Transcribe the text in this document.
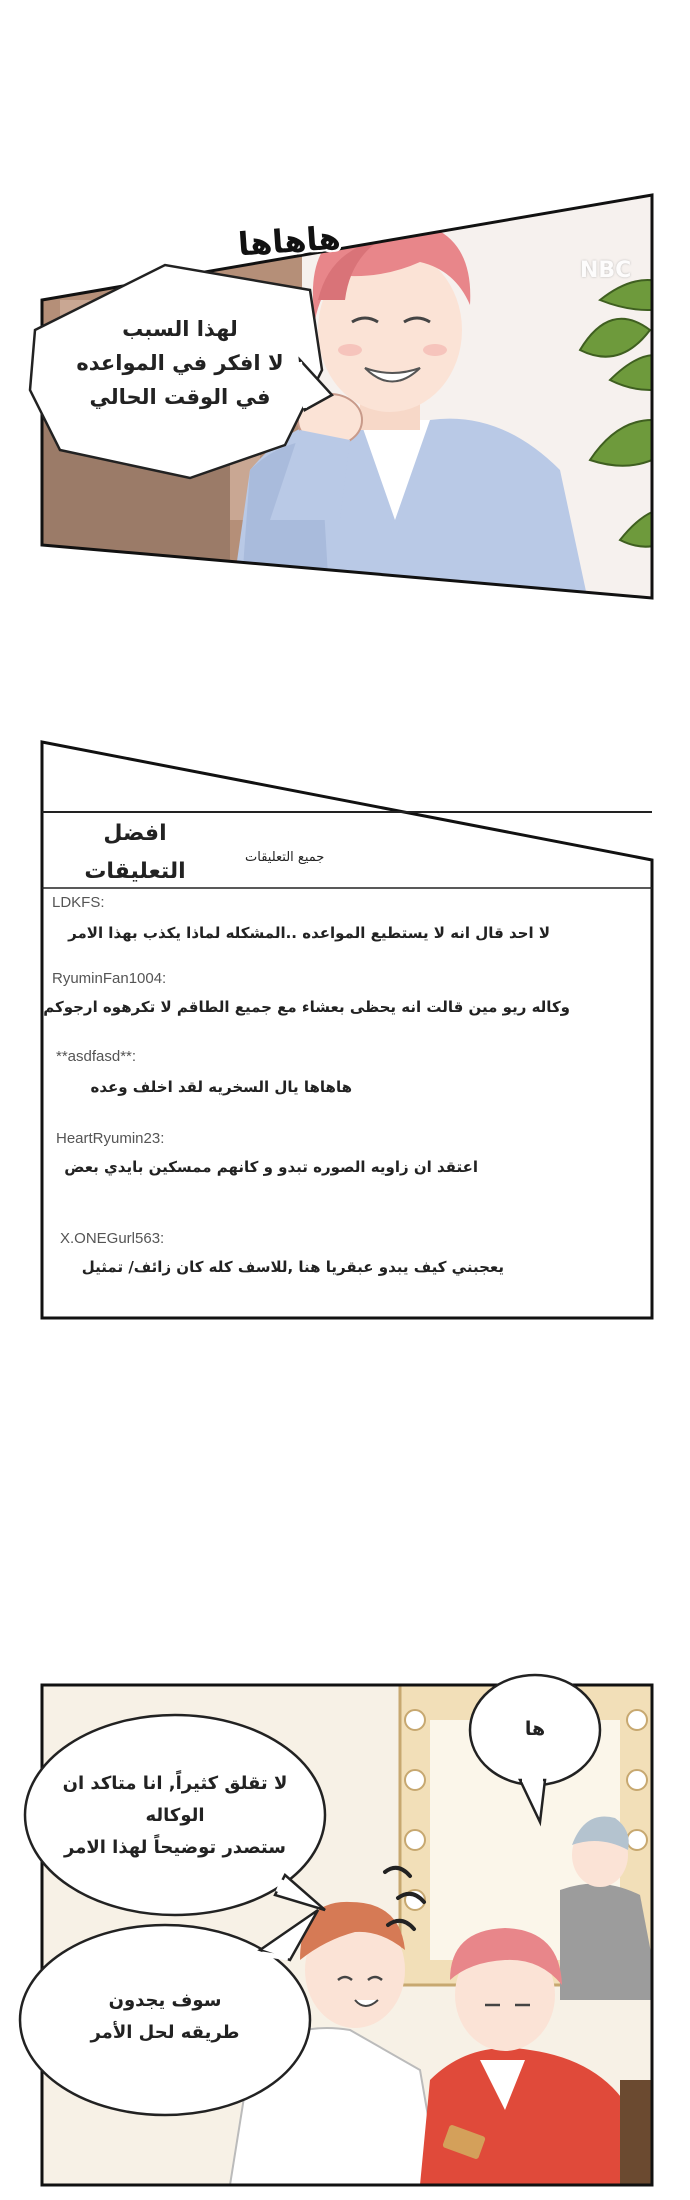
هاهاها
NBC
لهذا السبب
لا افكر في المواعده
في الوقت الحالي
افضل
التعليقات
جميع التعليقات
LDKFS:
لا احد قال انه لا يستطيع المواعده ..المشكله لماذا يكذب بهذا الامر
RyuminFan1004:
وكاله ريو مين قالت انه يحظى بعشاء مع جميع الطاقم لا تكرهوه ارجوكم
**asdfasd**:
هاهاها يال السخريه لقد اخلف وعده
HeartRyumin23:
اعتقد ان زاويه الصوره تبدو و كانهم ممسكين بايدي بعض
X.ONEGurl563:
يعجبني كيف يبدو عبقريا هنا ,للاسف كله كان زائف/ تمثيل
ها
لا تقلق كثيراً, انا متاكد ان الوكاله
ستصدر توضيحاً لهذا الامر
سوف يجدون
طريقه لحل الأمر
